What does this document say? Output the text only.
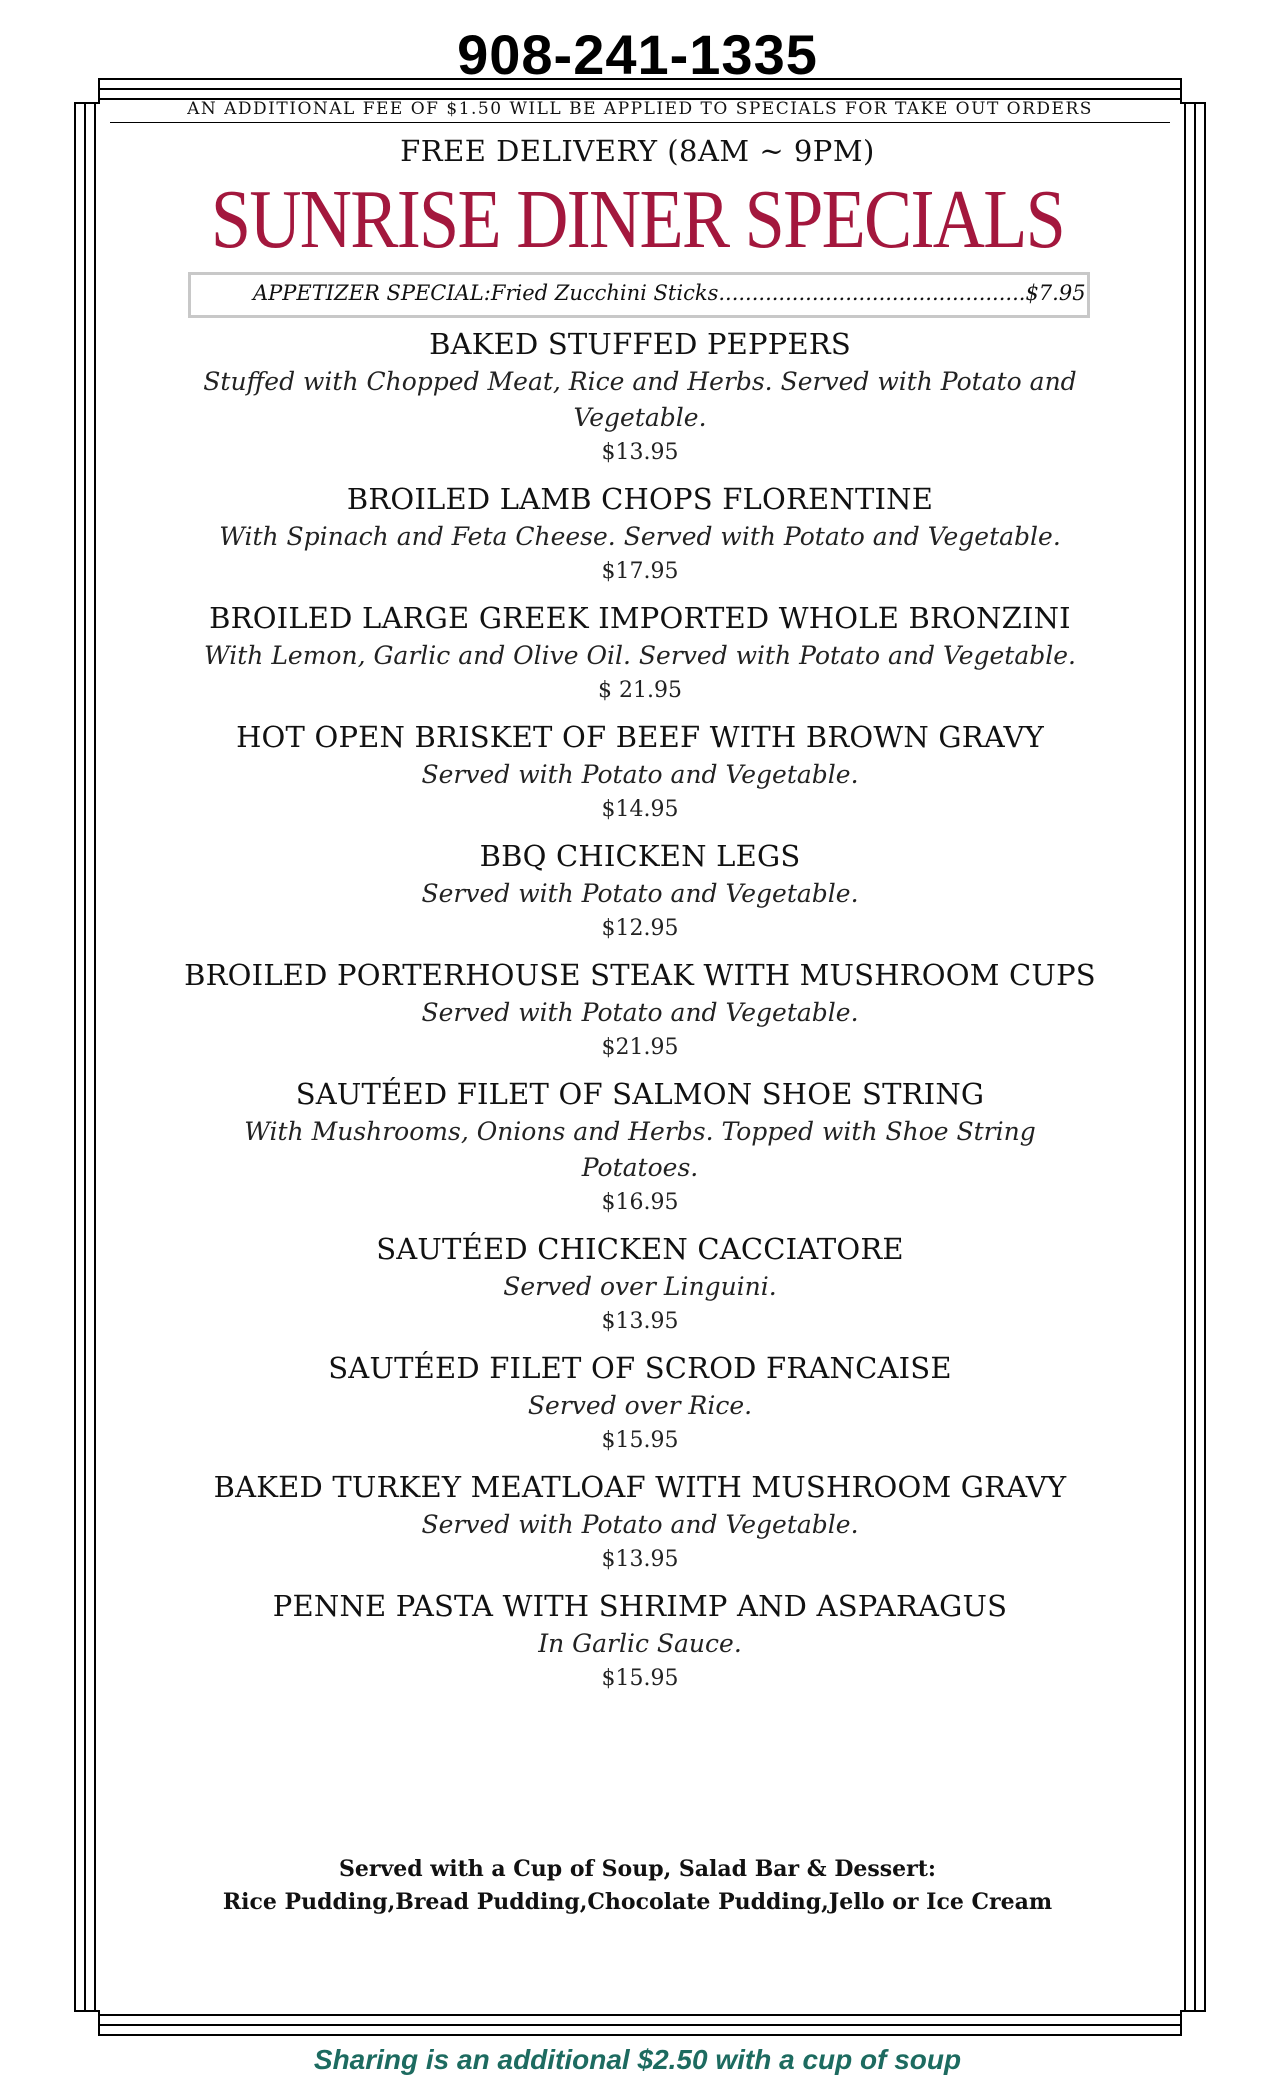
908-241-1335
AN ADDITIONAL FEE OF $1.50 WILL BE APPLIED TO SPECIALS FOR TAKE OUT ORDERS
FREE DELIVERY (8AM ~ 9PM)
SUNRISE DINER SPECIALS
APPETIZER SPECIAL:Fried Zucchini Sticks..............................................$7.95
BAKED STUFFED PEPPERS
Stuffed with Chopped Meat, Rice and Herbs. Served with Potato and Vegetable.
$13.95
BROILED LAMB CHOPS FLORENTINE
With Spinach and Feta Cheese. Served with Potato and Vegetable.
$17.95
BROILED LARGE GREEK IMPORTED WHOLE BRONZINI
With Lemon, Garlic and Olive Oil. Served with Potato and Vegetable.
$ 21.95
HOT OPEN BRISKET OF BEEF WITH BROWN GRAVY
Served with Potato and Vegetable.
$14.95
BBQ CHICKEN LEGS
Served with Potato and Vegetable.
$12.95
BROILED PORTERHOUSE STEAK WITH MUSHROOM CUPS
Served with Potato and Vegetable.
$21.95
SAUTÉED FILET OF SALMON SHOE STRING
With Mushrooms, Onions and Herbs. Topped with Shoe String Potatoes.
$16.95
SAUTÉED CHICKEN CACCIATORE
Served over Linguini.
$13.95
SAUTÉED FILET OF SCROD FRANCAISE
Served over Rice.
$15.95
BAKED TURKEY MEATLOAF WITH MUSHROOM GRAVY
Served with Potato and Vegetable.
$13.95
PENNE PASTA WITH SHRIMP AND ASPARAGUS
In Garlic Sauce.
$15.95
Served with a Cup of Soup, Salad Bar & Dessert:
Rice Pudding,Bread Pudding,Chocolate Pudding,Jello or Ice Cream
Sharing is an additional $2.50 with a cup of soup
